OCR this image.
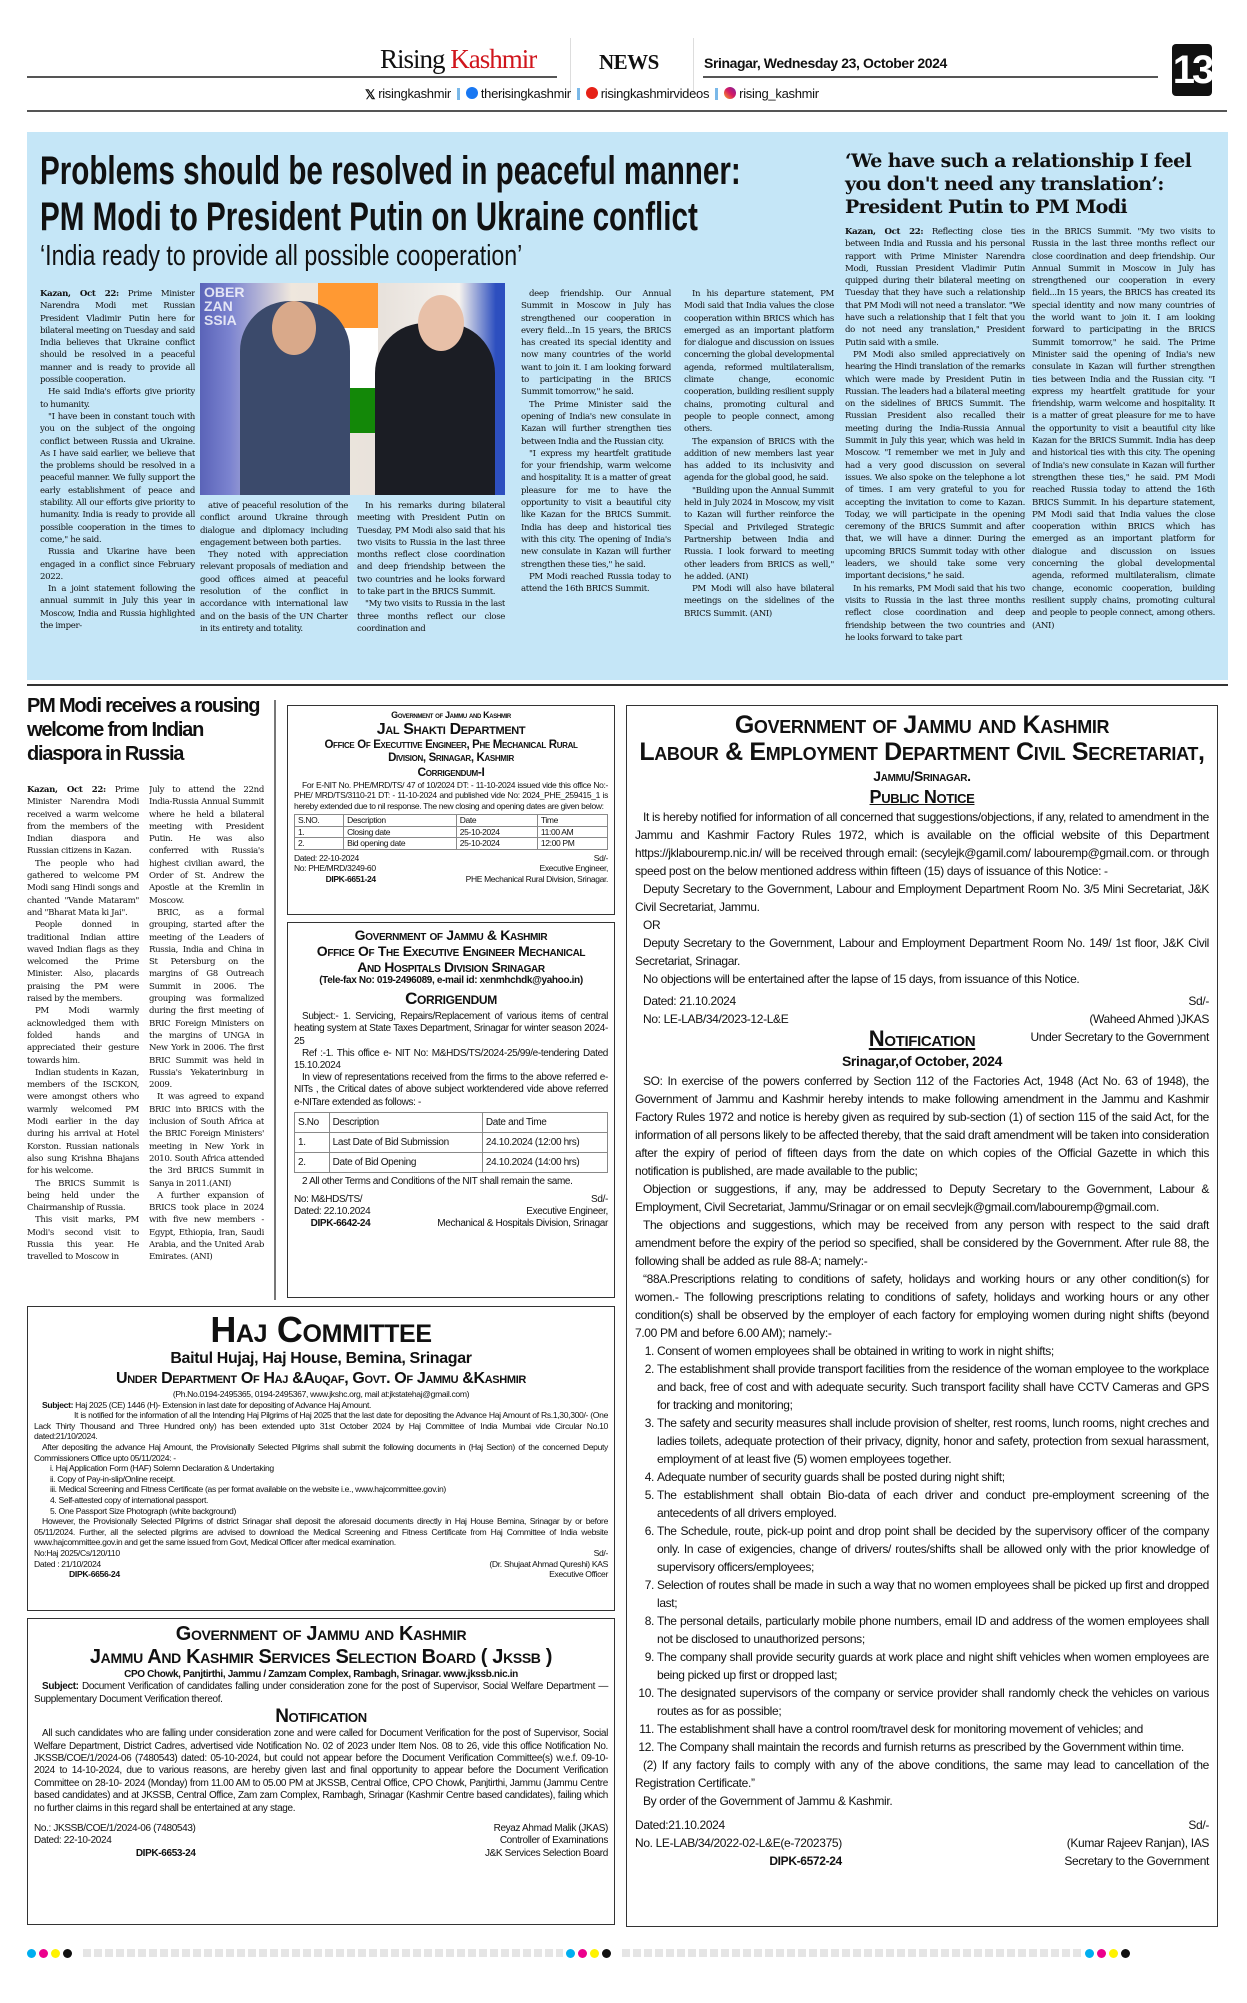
Rising Kashmir	NEWS	Srinagar, Wednesday 23, October 2024	13
𝕏 risingkashmir	therisingkashmir	risingkashmirvideos	rising_kashmir
Problems should be resolved in peaceful manner:
PM Modi to President Putin on Ukraine conflict
‘India ready to provide all possible cooperation’

Kazan, Oct 22: Prime Minister Narendra Modi met Russian President Vladimir Putin here for bilateral meeting on Tuesday and said India believes that Ukraine conflict should be resolved in a peaceful manner and is ready to provide all possible cooperation.

He said India's efforts give priority to humanity.

"I have been in constant touch with you on the subject of the ongoing conflict between Russia and Ukraine. As I have said earlier, we believe that the problems should be resolved in a peaceful manner. We fully support the early establishment of peace and stability. All our efforts give priority to humanity. India is ready to provide all possible cooperation in the times to come," he said.

Russia and Ukarine have been engaged in a conflict since February 2022.

In a joint statement following the annual summit in July this year in Moscow, India and Russia highlighted the imper-

OBER ZAN SSIA

ative of peaceful resolution of the conflict around Ukraine through dialogue and diplomacy including engagement between both parties.

They noted with appreciation relevant proposals of mediation and good offices aimed at peaceful resolution of the conflict in accordance with international law and on the basis of the UN Charter in its entirety and totality.

In his remarks during bilateral meeting with President Putin on Tuesday, PM Modi also said that his two visits to Russia in the last three months reflect close coordination and deep friendship between the two countries and he looks forward to take part in the BRICS Summit.

"My two visits to Russia in the last three months reflect our close coordination and

deep friendship. Our Annual Summit in Moscow in July has strengthened our cooperation in every field...In 15 years, the BRICS has created its special identity and now many countries of the world want to join it. I am looking forward to participating in the BRICS Summit tomorrow," he said.

The Prime Minister said the opening of India's new consulate in Kazan will further strengthen ties between India and the Russian city.

"I express my heartfelt gratitude for your friendship, warm welcome and hospitality. It is a matter of great pleasure for me to have the opportunity to visit a beautiful city like Kazan for the BRICS Summit. India has deep and historical ties with this city. The opening of India's new consulate in Kazan will further strengthen these ties," he said.

PM Modi reached Russia today to attend the 16th BRICS Summit.

In his departure statement, PM Modi said that India values the close cooperation within BRICS which has emerged as an important platform for dialogue and discussion on issues concerning the global developmental agenda, reformed multilateralism, climate change, economic cooperation, building resilient supply chains, promoting cultural and people to people connect, among others.

The expansion of BRICS with the addition of new members last year has added to its inclusivity and agenda for the global good, he said.

"Building upon the Annual Summit held in July 2024 in Moscow, my visit to Kazan will further reinforce the Special and Privileged Strategic Partnership between India and Russia. I look forward to meeting other leaders from BRICS as well," he added. (ANI)

PM Modi will also have bilateral meetings on the sidelines of the BRICS Summit. (ANI)

‘We have such a relationship I feel you don't need any translation’: President Putin to PM Modi

Kazan, Oct 22: Reflecting close ties between India and Russia and his personal rapport with Prime Minister Narendra Modi, Russian President Vladimir Putin quipped during their bilateral meeting on Tuesday that they have such a relationship that PM Modi will not need a translator. "We have such a relationship that I felt that you do not need any translation," President Putin said with a smile.

PM Modi also smiled appreciatively on hearing the Hindi translation of the remarks which were made by President Putin in Russian. The leaders had a bilateral meeting on the sidelines of BRICS Summit. The Russian President also recalled their meeting during the India-Russia Annual Summit in July this year, which was held in Moscow. "I remember we met in July and had a very good discussion on several issues. We also spoke on the telephone a lot of times. I am very grateful to you for accepting the invitation to come to Kazan. Today, we will participate in the opening ceremony of the BRICS Summit and after that, we will have a dinner. During the upcoming BRICS Summit today with other leaders, we should take some very important decisions," he said.

In his remarks, PM Modi said that his two visits to Russia in the last three months reflect close coordination and deep friendship between the two countries and he looks forward to take part

in the BRICS Summit. "My two visits to Russia in the last three months reflect our close coordination and deep friendship. Our Annual Summit in Moscow in July has strengthened our cooperation in every field...In 15 years, the BRICS has created its special identity and now many countries of the world want to join it. I am looking forward to participating in the BRICS Summit tomorrow," he said. The Prime Minister said the opening of India's new consulate in Kazan will further strengthen ties between India and the Russian city. "I express my heartfelt gratitude for your friendship, warm welcome and hospitality. It is a matter of great pleasure for me to have the opportunity to visit a beautiful city like Kazan for the BRICS Summit. India has deep and historical ties with this city. The opening of India's new consulate in Kazan will further strengthen these ties," he said. PM Modi reached Russia today to attend the 16th BRICS Summit. In his departure statement, PM Modi said that India values the close cooperation within BRICS which has emerged as an important platform for dialogue and discussion on issues concerning the global developmental agenda, reformed multilateralism, climate change, economic cooperation, building resilient supply chains, promoting cultural and people to people connect, among others.(ANI)

PM Modi receives a rousing welcome from Indian diaspora in Russia

Kazan, Oct 22: Prime Minister Narendra Modi received a warm welcome from the members of the Indian diaspora and Russian citizens in Kazan.

The people who had gathered to welcome PM Modi sang Hindi songs and chanted "Vande Mataram" and "Bharat Mata ki Jai".

People donned in traditional Indian attire waved Indian flags as they welcomed the Prime Minister. Also, placards praising the PM were raised by the members.

PM Modi warmly acknowledged them with folded hands and appreciated their gesture towards him.

Indian students in Kazan, members of the ISCKON, were amongst others who warmly welcomed PM Modi earlier in the day during his arrival at Hotel Korston. Russian nationals also sung Krishna Bhajans for his welcome.

The BRICS Summit is being held under the Chairmanship of Russia.

This visit marks, PM Modi's second visit to Russia this year. He travelled to Moscow in

July to attend the 22nd India-Russia Annual Summit where he held a bilateral meeting with President Putin. He was also conferred with Russia's highest civilian award, the Order of St. Andrew the Apostle at the Kremlin in Moscow.

BRIC, as a formal grouping, started after the meeting of the Leaders of Russia, India and China in St Petersburg on the margins of G8 Outreach Summit in 2006. The grouping was formalized during the first meeting of BRIC Foreign Ministers on the margins of UNGA in New York in 2006. The first BRIC Summit was held in Russia's Yekaterinburg in 2009.

It was agreed to expand BRIC into BRICS with the inclusion of South Africa at the BRIC Foreign Ministers' meeting in New York in 2010. South Africa attended the 3rd BRICS Summit in Sanya in 2011.(ANI)

A further expansion of BRICS took place in 2024 with five new members - Egypt, Ethiopia, Iran, Saudi Arabia, and the United Arab Emirates. (ANI)

Government of Jammu and Kashmir
Jal Shakti Department
Office Of Executtive Engineer, Phe Mechanical Rural
Division, Srinagar, Kashmir
Corrigendum-I

For E-NIT No. PHE/MRD/TS/ 47 of 10/2024 DT: - 11-10-2024 issued vide this office No:-PHE/ MRD/TS/3110-21 DT: - 11-10-2024 and published vide No: 2024_PHE_259415_1 is hereby extended due to nil response. The new closing and opening dates are given below:

S.NO.	Description	Date	Time
1.	Closing date	25-10-2024	11:00 AM
2.	Bid opening date	25-10-2024	12:00 PM
Dated: 22-10-2024
No: PHE/MRD/3249-60
DIPK-6651-24
Sd/-
Executive Engineer,
PHE Mechanical Rural Division, Srinagar.
Government of Jammu & Kashmir
Office Of The Executive Engineer Mechanical
And Hospitals Division Srinagar
(Tele-fax No: 019-2496089, e-mail id: xenmhchdk@yahoo.in)
Corrigendum

Subject:- 1. Servicing, Repairs/Replacement of various items of central heating system at State Taxes Department, Srinagar for winter season 2024-25

Ref :-1. This office e- NIT No: M&HDS/TS/2024-25/99/e-tendering Dated 15.10.2024

In view of representations received from the firms to the above referred e-NITs , the Critical dates of above subject worktendered vide above referred e-NITare extended as follows: -

S.No	Description	Date and Time
1.	Last Date of Bid Submission	24.10.2024 (12:00 hrs)
2.	Date of Bid Opening	24.10.2024 (14:00 hrs)

2 All other Terms and Conditions of the NIT shall remain the same.

No: M&HDS/TS/
Dated: 22.10.2024
DIPK-6642-24
Sd/-
Executive Engineer,
Mechanical & Hospitals Division, Srinagar
Government of Jammu and Kashmir
Labour & Employment Department Civil Secretariat,
Jammu/Srinagar.
Public Notice

It is hereby notified for information of all concerned that suggestions/objections, if any, related to amendment in the Jammu and Kashmir Factory Rules 1972, which is available on the official website of this Department https://jklabouremp.nic.in/ will be received through email: (secylejk@gamil.com/ labouremp@gmail.com. or through speed post on the below mentioned address within fifteen (15) days of issuance of this Notice: -

Deputy Secretary to the Government, Labour and Employment Department Room No. 3/5 Mini Secretariat, J&K Civil Secretariat, Jammu.

OR

Deputy Secretary to the Government, Labour and Employment Department Room No. 149/ 1st floor, J&K Civil Secretariat, Srinagar.

No objections will be entertained after the lapse of 15 days, from issuance of this Notice.

Dated: 21.10.2024
No: LE-LAB/34/2023-12-L&E
Sd/-
(Waheed Ahmed )JKAS
Under Secretary to the Government
Notification
Srinagar,of October, 2024

SO: In exercise of the powers conferred by Section 112 of the Factories Act, 1948 (Act No. 63 of 1948), the Government of Jammu and Kashmir hereby intends to make following amendment in the Jammu and Kashmir Factory Rules 1972 and notice is hereby given as required by sub-section (1) of section 115 of the said Act, for the information of all persons likely to be affected thereby, that the said draft amendment will be taken into consideration after the expiry of period of fifteen days from the date on which copies of the Official Gazette in which this notification is published, are made available to the public;

Objection or suggestions, if any, may be addressed to Deputy Secretary to the Government, Labour & Employment, Civil Secretariat, Jammu/Srinagar or on email secvlejk@gmail.com/labouremp@gmail.com.

The objections and suggestions, which may be received from any person with respect to the said draft amendment before the expiry of the period so specified, shall be considered by the Government. After rule 88, the following shall be added as rule 88-A; namely:-

“88A.Prescriptions relating to conditions of safety, holidays and working hours or any other condition(s) for women.- The following prescriptions relating to conditions of safety, holidays and working hours or any other condition(s) shall be observed by the employer of each factory for employing women during night shifts (beyond 7.00 PM and before 6.00 AM); namely:-

1. Consent of women employees shall be obtained in writing to work in night shifts;
2. The establishment shall provide transport facilities from the residence of the woman employee to the workplace and back, free of cost and with adequate security. Such transport facility shall have CCTV Cameras and GPS for tracking and monitoring;
3. The safety and security measures shall include provision of shelter, rest rooms, lunch rooms, night creches and ladies toilets, adequate protection of their privacy, dignity, honor and safety, protection from sexual harassment, employment of at least five (5) women employees together.
4. Adequate number of security guards shall be posted during night shift;
5. The establishment shall obtain Bio-data of each driver and conduct pre-employment screening of the antecedents of all drivers employed.
6. The Schedule, route, pick-up point and drop point shall be decided by the supervisory officer of the company only. In case of exigencies, change of drivers/ routes/shifts shall be allowed only with the prior knowledge of supervisory officers/employees;
7. Selection of routes shall be made in such a way that no women employees shall be picked up first and dropped last;
8. The personal details, particularly mobile phone numbers, email ID and address of the women employees shall not be disclosed to unauthorized persons;
9. The company shall provide security guards at work place and night shift vehicles when women employees are being picked up first or dropped last;
10. The designated supervisors of the company or service provider shall randomly check the vehicles on various routes as for as possible;
11. The establishment shall have a control room/travel desk for monitoring movement of vehicles; and
12. The Company shall maintain the records and furnish returns as prescribed by the Government within time.

(2) If any factory fails to comply with any of the above conditions, the same may lead to cancellation of the Registration Certificate.”

By order of the Government of Jammu & Kashmir.

Dated:21.10.2024
No. LE-LAB/34/2022-02-L&E(e-7202375)
DIPK-6572-24
Sd/-
(Kumar Rajeev Ranjan), IAS
Secretary to the Government
Haj Committee
Baitul Hujaj, Haj House, Bemina, Srinagar
Under Department Of Haj &Auqaf, Govt. Of Jammu &Kashmir
(Ph.No.0194-2495365, 0194-2495367, www.jkshc.org, mail at:jkstatehaj@gmail.com)

Subject: Haj 2025 (CE) 1446 (H)- Extension in last date for depositing of Advance Haj Amount.

It is notified for the information of all the Intending Haj Pilgrims of Haj 2025 that the last date for depositing the Advance Haj Amount of Rs.1,30,300/- (One Lack Thirty Thousand and Three Hundred only) has been extended upto 31st October 2024 by Haj Committee of India Mumbai vide Circular No.10 dated:21/10/2024.

After depositing the advance Haj Amount, the Provisionally Selected Pilgrims shall submit the following documents in (Haj Section) of the concerned Deputy Commissioners Office upto 05/11/2024: -

i. Haj Application Form (HAF) Solemn Declaration & Undertaking

ii. Copy of Pay-in-slip/Online receipt.

iii. Medical Screening and Fitness Certificate (as per format available on the website i.e., www.hajcommittee.gov.in)

4. Self-attested copy of international passport.

5. One Passport Size Photograph (white background)

However, the Provisionally Selected Pilgrims of district Srinagar shall deposit the aforesaid documents directly in Haj House Bemina, Srinagar by or before 05/11/2024. Further, all the selected pilgrims are advised to download the Medical Screening and Fitness Certificate from Haj Committee of India website www.hajcommittee.gov.in and get the same issued from Govt, Medical Officer after medical examination.

No:Haj 2025/Cs/120/110
Dated : 21/10/2024
DIPK-6656-24
Sd/-
(Dr. Shujaat Ahmad Qureshi) KAS
Executive Officer
Government of Jammu and Kashmir
Jammu And Kashmir Services Selection Board ( Jkssb )
CPO Chowk, Panjtirthi, Jammu / Zamzam Complex, Rambagh, Srinagar. www.jkssb.nic.in

Subject: Document Verification of candidates falling under consideration zone for the post of Supervisor, Social Welfare Department — Supplementary Document Verification thereof.

Notification

All such candidates who are falling under consideration zone and were called for Document Verification for the post of Supervisor, Social Welfare Department, District Cadres, advertised vide Notification No. 02 of 2023 under Item Nos. 08 to 26, vide this office Notification No. JKSSB/COE/1/2024-06 (7480543) dated: 05-10-2024, but could not appear before the Document Verification Committee(s) w.e.f. 09-10-2024 to 14-10-2024, due to various reasons, are hereby given last and final opportunity to appear before the Document Verification Committee on 28-10- 2024 (Monday) from 11.00 AM to 05.00 PM at JKSSB, Central Office, CPO Chowk, Panjtirthi, Jammu (Jammu Centre based candidates) and at JKSSB, Central Office, Zam zam Complex, Rambagh, Srinagar (Kashmir Centre based candidates), failing which no further claims in this regard shall be entertained at any stage.

No.: JKSSB/COE/1/2024-06 (7480543)
Dated: 22-10-2024
DIPK-6653-24
Reyaz Ahmad Malik (JKAS)
Controller of Examinations
J&K Services Selection Board
